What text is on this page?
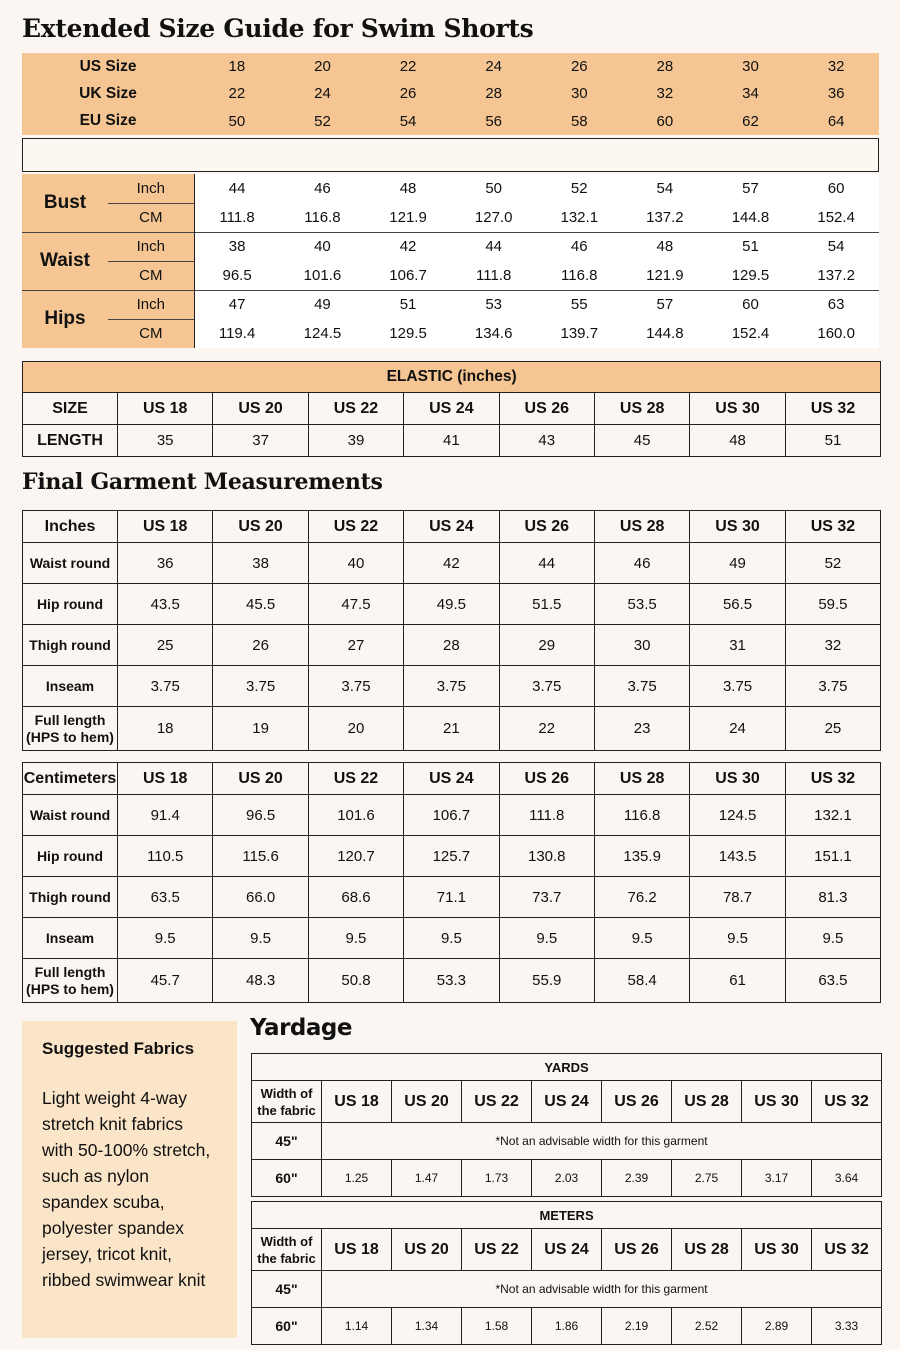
Extended Size Guide for Swim Shorts
US Size	18	20	22	24	26	28	30	32
UK Size	22	24	26	28	30	32	34	36
EU Size	50	52	54	56	58	60	62	64
Bust	Inch	44	46	48	50	52	54	57	60
	CM	111.8	116.8	121.9	127.0	132.1	137.2	144.8	152.4
Waist	Inch	38	40	42	44	46	48	51	54
	CM	96.5	101.6	106.7	111.8	116.8	121.9	129.5	137.2
Hips	Inch	47	49	51	53	55	57	60	63
	CM	119.4	124.5	129.5	134.6	139.7	144.8	152.4	160.0
ELASTIC (inches)								
SIZE	US 18	US 20	US 22	US 24	US 26	US 28	US 30	US 32
LENGTH	35	37	39	41	43	45	48	51
Final Garment Measurements
Inches	US 18	US 20	US 22	US 24	US 26	US 28	US 30	US 32
Waist round	36	38	40	42	44	46	49	52
Hip round	43.5	45.5	47.5	49.5	51.5	53.5	56.5	59.5
Thigh round	25	26	27	28	29	30	31	32
Inseam	3.75	3.75	3.75	3.75	3.75	3.75	3.75	3.75

Full length
(HPS to hem)	18	19	20	21	22	23	24	25
Centimeters	US 18	US 20	US 22	US 24	US 26	US 28	US 30	US 32
Waist round	91.4	96.5	101.6	106.7	111.8	116.8	124.5	132.1
Hip round	110.5	115.6	120.7	125.7	130.8	135.9	143.5	151.1
Thigh round	63.5	66.0	68.6	71.1	73.7	76.2	78.7	81.3
Inseam	9.5	9.5	9.5	9.5	9.5	9.5	9.5	9.5

Full length
(HPS to hem)	45.7	48.3	50.8	53.3	55.9	58.4	61	63.5
Suggested Fabrics
Light weight 4-way stretch knit fabrics with 50-100% stretch, such as nylon spandex scuba, polyester spandex jersey, tricot knit, ribbed swimwear knit
Yardage
YARDS								

Width of
the fabric	US 18	US 20	US 22	US 24	US 26	US 28	US 30	US 32
45"	*Not an advisable width for this garment							
60"	1.25	1.47	1.73	2.03	2.39	2.75	3.17	3.64
METERS								

Width of
the fabric	US 18	US 20	US 22	US 24	US 26	US 28	US 30	US 32
45"	*Not an advisable width for this garment							
60"	1.14	1.34	1.58	1.86	2.19	2.52	2.89	3.33
